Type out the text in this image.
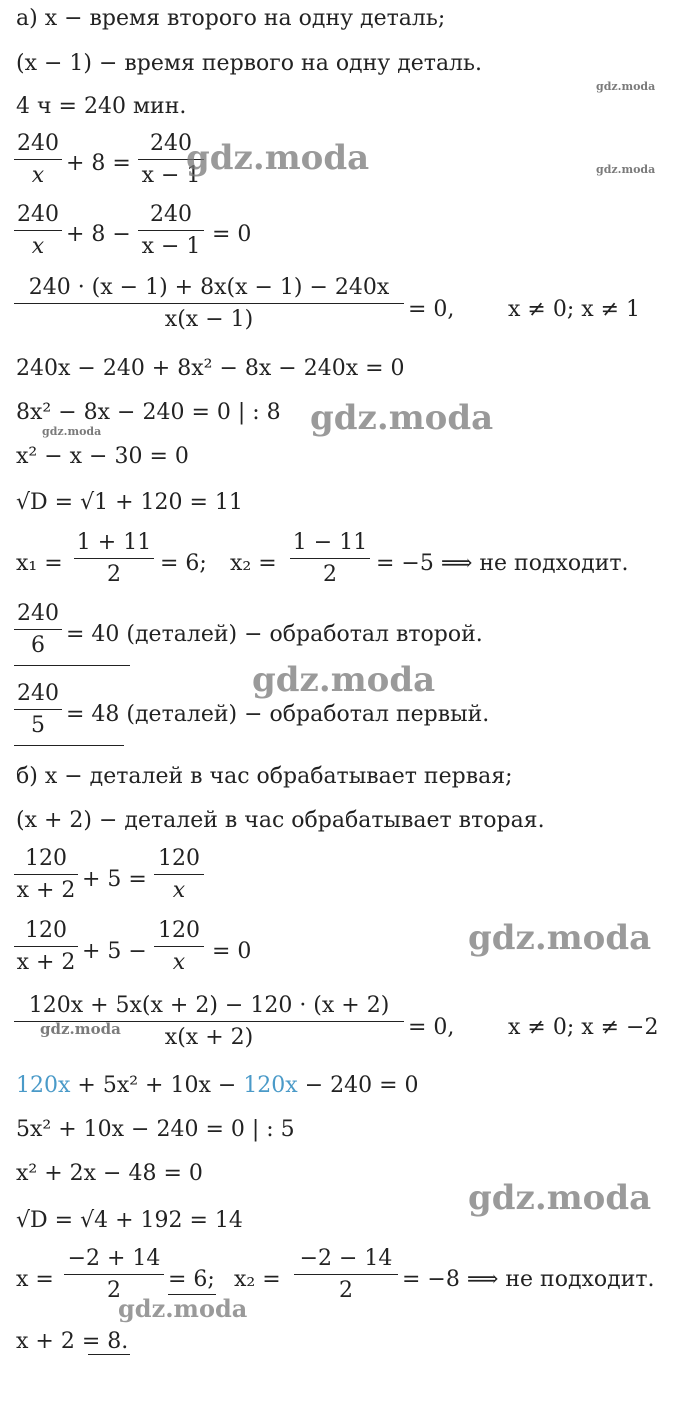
а) x − время второго на одну деталь;
(x − 1) − время первого на одну деталь.
4 ч = 240 мин.
240
x + 8 =
240
x − 1
240
x + 8 −
240
x − 1 = 0
240 · (x − 1) + 8x(x − 1) − 240x
x(x − 1)	= 0, x ≠ 0; x ≠ 1
240x − 240 + 8x² − 8x − 240x = 0
8x² − 8x − 240 = 0 | : 8
x² − x − 30 = 0
√D = √1 + 120 = 11
x₁ =
1 + 11
2	= 6; x₂ =
1 − 11
2	= −5 ⟹ не подходит.
240
6 = 40 (деталей) − обработал второй.
240
5 = 48 (деталей) − обработал первый.
б) x − деталей в час обрабатывает первая;
(x + 2) − деталей в час обрабатывает вторая.
120
x + 2 + 5 =
120
x
120
x + 2 + 5 −
120
x	= 0
120x + 5x(x + 2) − 120 · (x + 2)
x(x + 2)	= 0, x ≠ 0; x ≠ −2
120x + 5x² + 10x − 120x − 240 = 0
5x² + 10x − 240 = 0 | : 5
x² + 2x − 48 = 0
√D = √4 + 192 = 14
x =
−2 + 14
2	= 6; x₂ =
−2 − 14
2	= −8 ⟹ не подходит.
x + 2 = 8.
gdz.moda
gdz.moda
gdz.moda
gdz.moda
gdz.moda
gdz.moda
gdz.moda
gdz.moda
gdz.moda
gdz.moda
